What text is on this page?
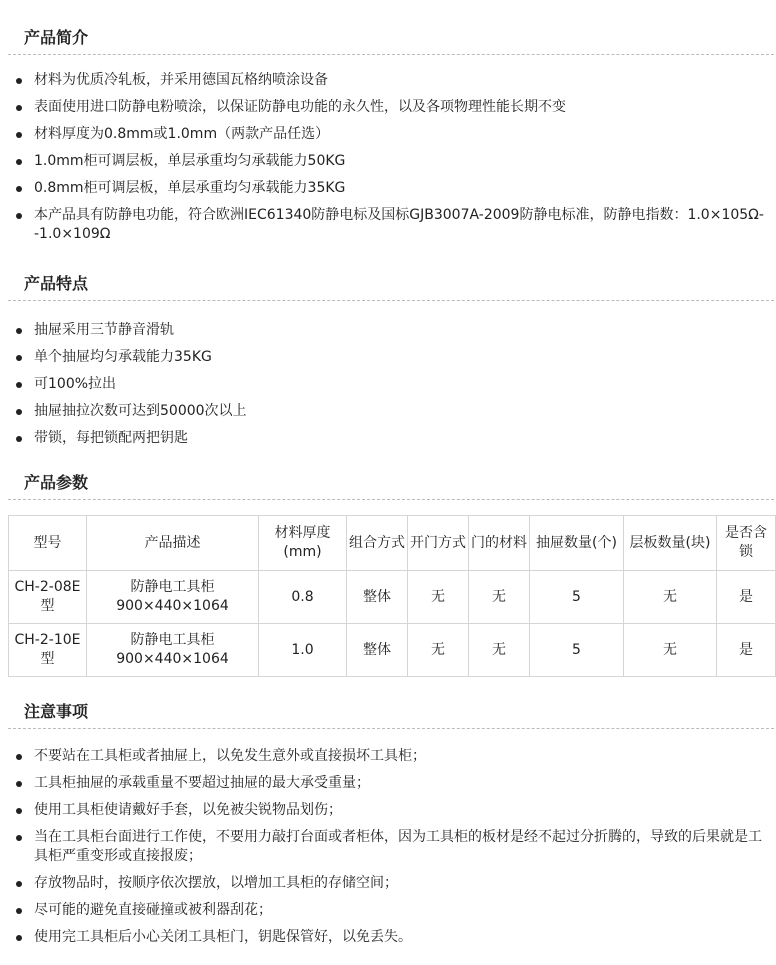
产品简介
材料为优质冷轧板，并采用德国瓦格纳喷涂设备
表面使用进口防静电粉喷涂，以保证防静电功能的永久性，以及各项物理性能长期不变
材料厚度为0.8mm或1.0mm（两款产品任选）
1.0mm柜可调层板，单层承重均匀承载能力50KG
0.8mm柜可调层板，单层承重均匀承载能力35KG
本产品具有防静电功能，符合欧洲IEC61340防静电标及国标GJB3007A-2009防静电标准，防静电指数：1.0×105Ω--1.0×109Ω
产品特点
抽屉采用三节静音滑轨
单个抽屉均匀承载能力35KG
可100%拉出
抽屉抽拉次数可达到50000次以上
带锁，每把锁配两把钥匙
产品参数
型号	产品描述	材料厚度(mm)	组合方式	开门方式	门的材料	抽屉数量(个)	层板数量(块)	是否含锁
CH-2-08E型	防静电工具柜 900×440×1064	0.8	整体	无	无	5	无	是
CH-2-10E型	防静电工具柜 900×440×1064	1.0	整体	无	无	5	无	是
注意事项
不要站在工具柜或者抽屉上，以免发生意外或直接损坏工具柜；
工具柜抽屉的承载重量不要超过抽屉的最大承受重量；
使用工具柜使请戴好手套，以免被尖锐物品划伤；
当在工具柜台面进行工作使，不要用力敲打台面或者柜体，因为工具柜的板材是经不起过分折腾的，导致的后果就是工具柜严重变形或直接报废；
存放物品时，按顺序依次摆放，以增加工具柜的存储空间；
尽可能的避免直接碰撞或被利器刮花；
使用完工具柜后小心关闭工具柜门，钥匙保管好，以免丢失。
